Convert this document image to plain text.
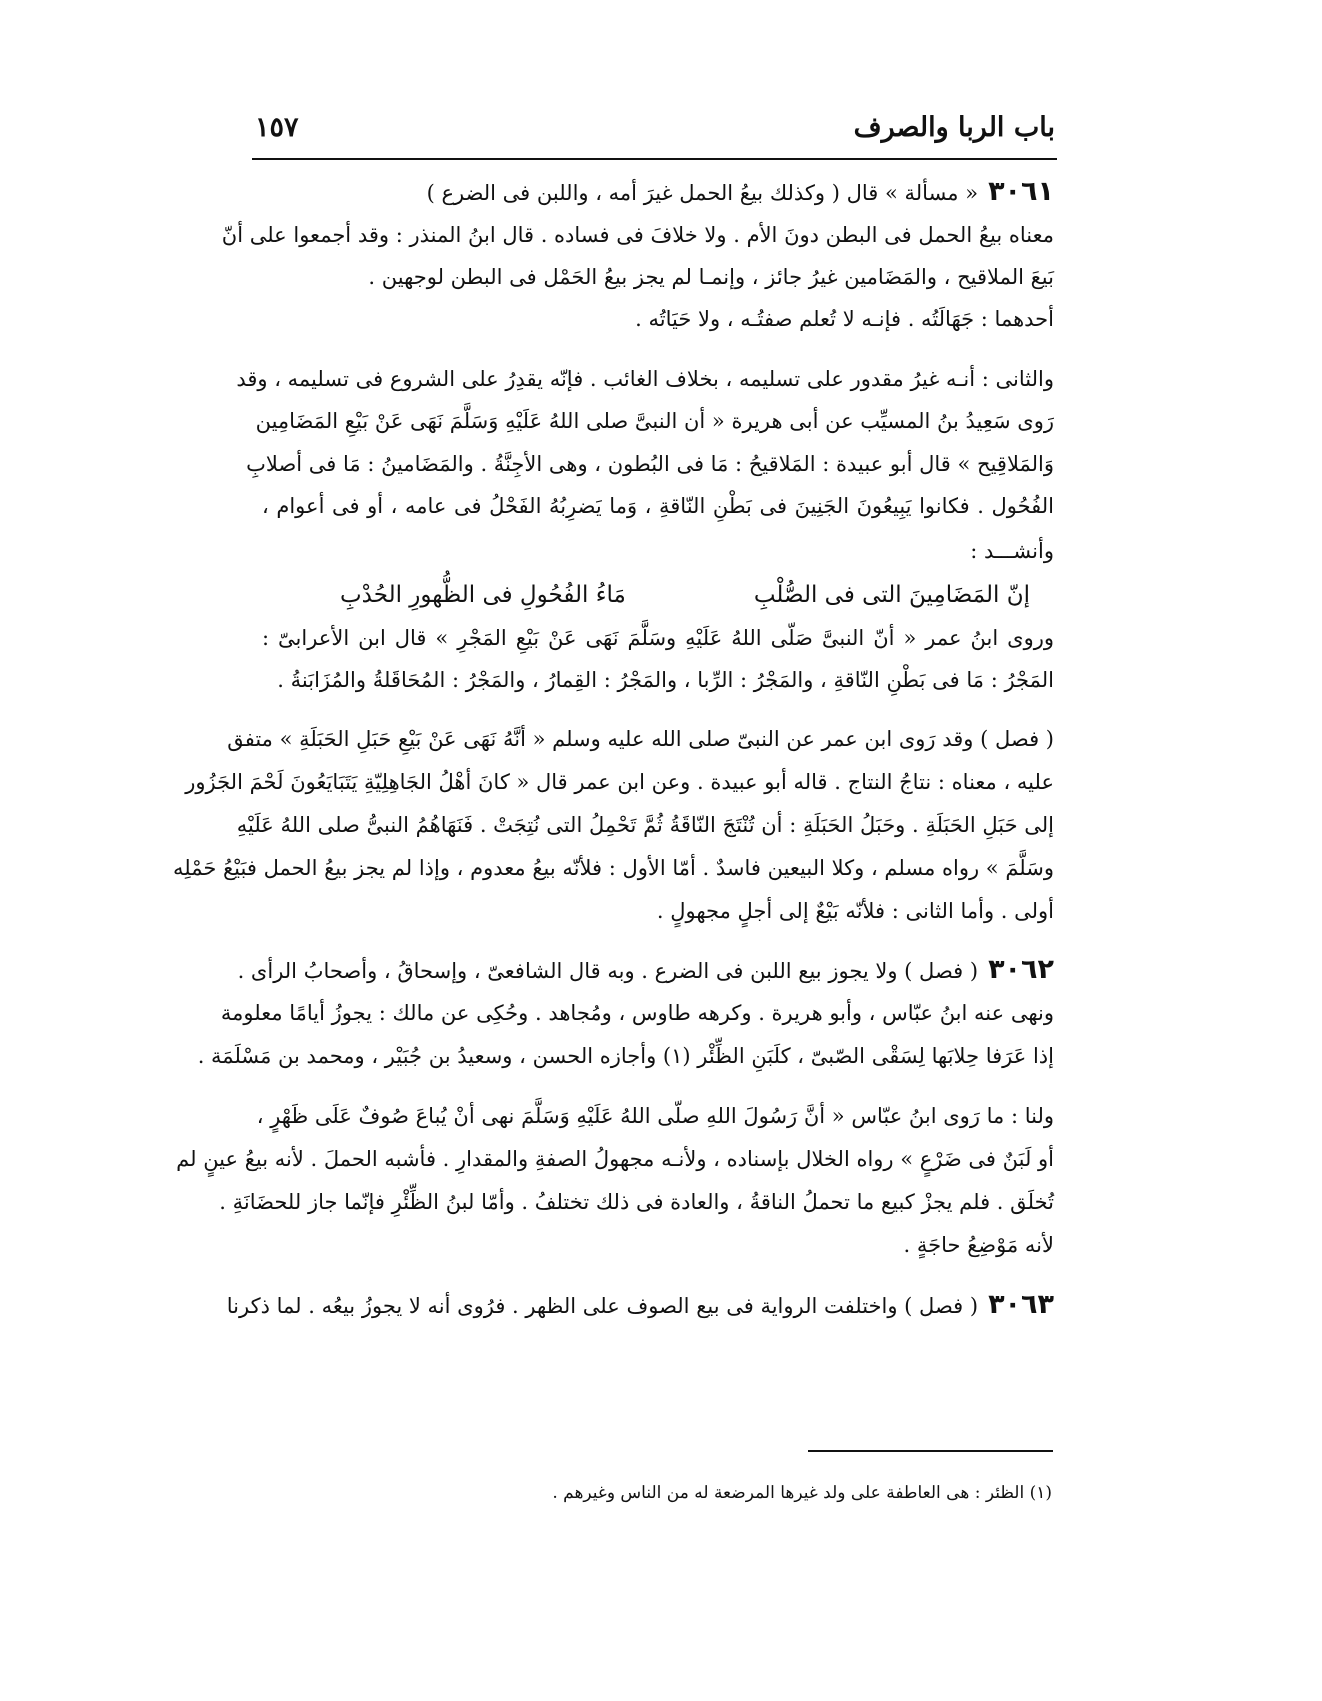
باب الربا والصرف
١٥٧
٣٠٦١« مسألة » قال ( وكذلك بيعُ الحمل غيرَ أمه ، واللبن فى الضرع )
معناه بيعُ الحمل فى البطن دونَ الأم . ولا خلافَ فى فساده . قال ابنُ المنذر : وقد أجمعوا على أنّ
بَيعَ الملاقيح ، والمَضَامين غيرُ جائز ، وإنمـا لم يجز بيعُ الحَمْل فى البطن لوجهين .
أحدهما : جَهَالَتُه . فإنـه لا تُعلم صفتُـه ، ولا حَيَاتُه .
والثانى : أنـه غيرُ مقدور على تسليمه ، بخلاف الغائب . فإنّه يقدِرُ على الشروع فى تسليمه ، وقد
رَوى سَعِيدُ بنُ المسيِّب عن أبى هريرة « أن النبىَّ صلى اللهُ عَلَيْهِ وَسَلَّمَ نَهَى عَنْ بَيْعِ المَضَامِين
وَالمَلاقِيح » قال أبو عبيدة : المَلاقيحُ : مَا فى البُطون ، وهى الأجِنَّةُ . والمَضَامينُ : مَا فى أصلابِ
الفُحُول . فكانوا يَبِيعُونَ الجَنِينَ فى بَطْنِ النّاقةِ ، وَما يَضرِبُهُ الفَحْلُ فى عامه ، أو فى أعوام ،
وأنشـــد :
إنّ المَضَامِينَ التى فى الصُّلْبِ
مَاءُ الفُحُولِ فى الظُّهورِ الحُدْبِ
وروى ابنُ عمر « أنّ النبىَّ صَلّى اللهُ عَلَيْهِ وسَلَّمَ نَهَى عَنْ بَيْعِ المَجْرِ » قال ابن الأعرابىّ :
المَجْرُ : مَا فى بَطْنِ النّاقةِ ، والمَجْرُ : الرِّبا ، والمَجْرُ : القِمارُ ، والمَجْرُ : المُحَاقَلةُ والمُزَابَنةُ .
( فصل ) وقد رَوى ابن عمر عن النبىّ صلى الله عليه وسلم « أنَّهُ نَهَى عَنْ بَيْعِ حَبَلِ الحَبَلَةِ » متفق
عليه ، معناه : نتاجُ النتاج . قاله أبو عبيدة . وعن ابن عمر قال « كانَ أهْلُ الجَاهِلِيّةِ يَتَبَايَعُونَ لَحْمَ الجَزُور
إلى حَبَلِ الحَبَلَةِ . وحَبَلُ الحَبَلَةِ : أن تُنْتَجَ النّاقَةُ ثُمَّ تَحْمِلُ التى نُتِجَتْ . فَنَهَاهُمُ النبىُّ صلى اللهُ عَلَيْهِ
وسَلَّمَ » رواه مسلم ، وكلا البيعين فاسدٌ . أمّا الأول : فلأنّه بيعُ معدوم ، وإذا لم يجز بيعُ الحمل فبَيْعُ حَمْلِه
أولى . وأما الثانى : فلأنّه بَيْعٌ إلى أجلٍ مجهولٍ .
٣٠٦٢( فصل ) ولا يجوز بيع اللبن فى الضرع . وبه قال الشافعىّ ، وإسحاقُ ، وأصحابُ الرأى .
ونهى عنه ابنُ عبّاس ، وأبو هريرة . وكرهه طاوس ، ومُجاهد . وحُكِى عن مالك : يجوزُ أيامًا معلومة
إذا عَرَفا حِلابَها لِسَقْى الصّبىّ ، كلَبَنِ الظِّئْر (١) وأجازه الحسن ، وسعيدُ بن جُبَيْر ، ومحمد بن مَسْلَمَة .
ولنا : ما رَوى ابنُ عبّاس « أنَّ رَسُولَ اللهِ صلّى اللهُ عَلَيْهِ وَسَلَّمَ نهى أنْ يُباعَ صُوفٌ عَلَى ظَهْرٍ ،
أو لَبَنٌ فى ضَرْعٍ » رواه الخلال بإسناده ، ولأنـه مجهولُ الصفةِ والمقدارِ . فأشبه الحملَ . لأنه بيعُ عينٍ لم
تُخلَق . فلم يجزْ كبيع ما تحملُ الناقةُ ، والعادة فى ذلك تختلفُ . وأمّا لبنُ الظِّئْرِ فإنّما جاز للحضَانَةِ .
لأنه مَوْضِعُ حاجَةٍ .
٣٠٦٣( فصل ) واختلفت الرواية فى بيع الصوف على الظهر . فرُوى أنه لا يجوزُ بيعُه . لما ذكرنا
(١) الظئر : هى العاطفة على ولد غيرها المرضعة له من الناس وغيرهم .
